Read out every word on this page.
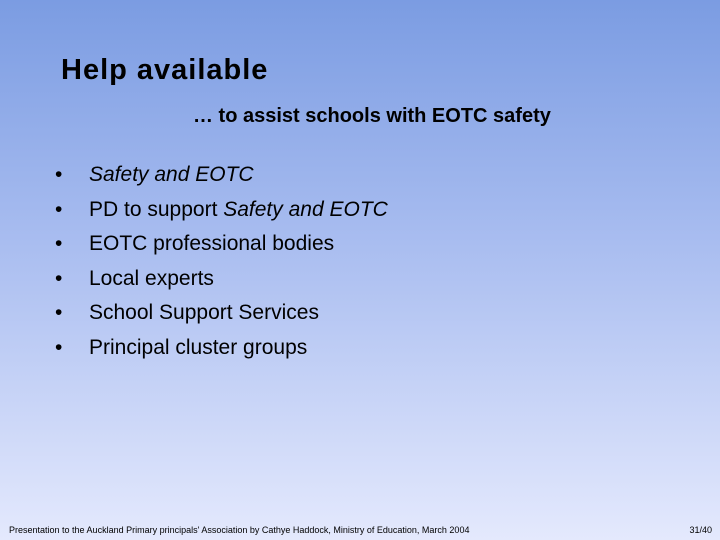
Help available

… to assist schools with EOTC safety

• Safety and EOTC
• PD to support Safety and EOTC
• EOTC professional bodies
• Local experts
• School Support Services
• Principal cluster groups
Presentation to the Auckland Primary principals' Association by Cathye Haddock, Ministry of Education, March 2004	31/40
